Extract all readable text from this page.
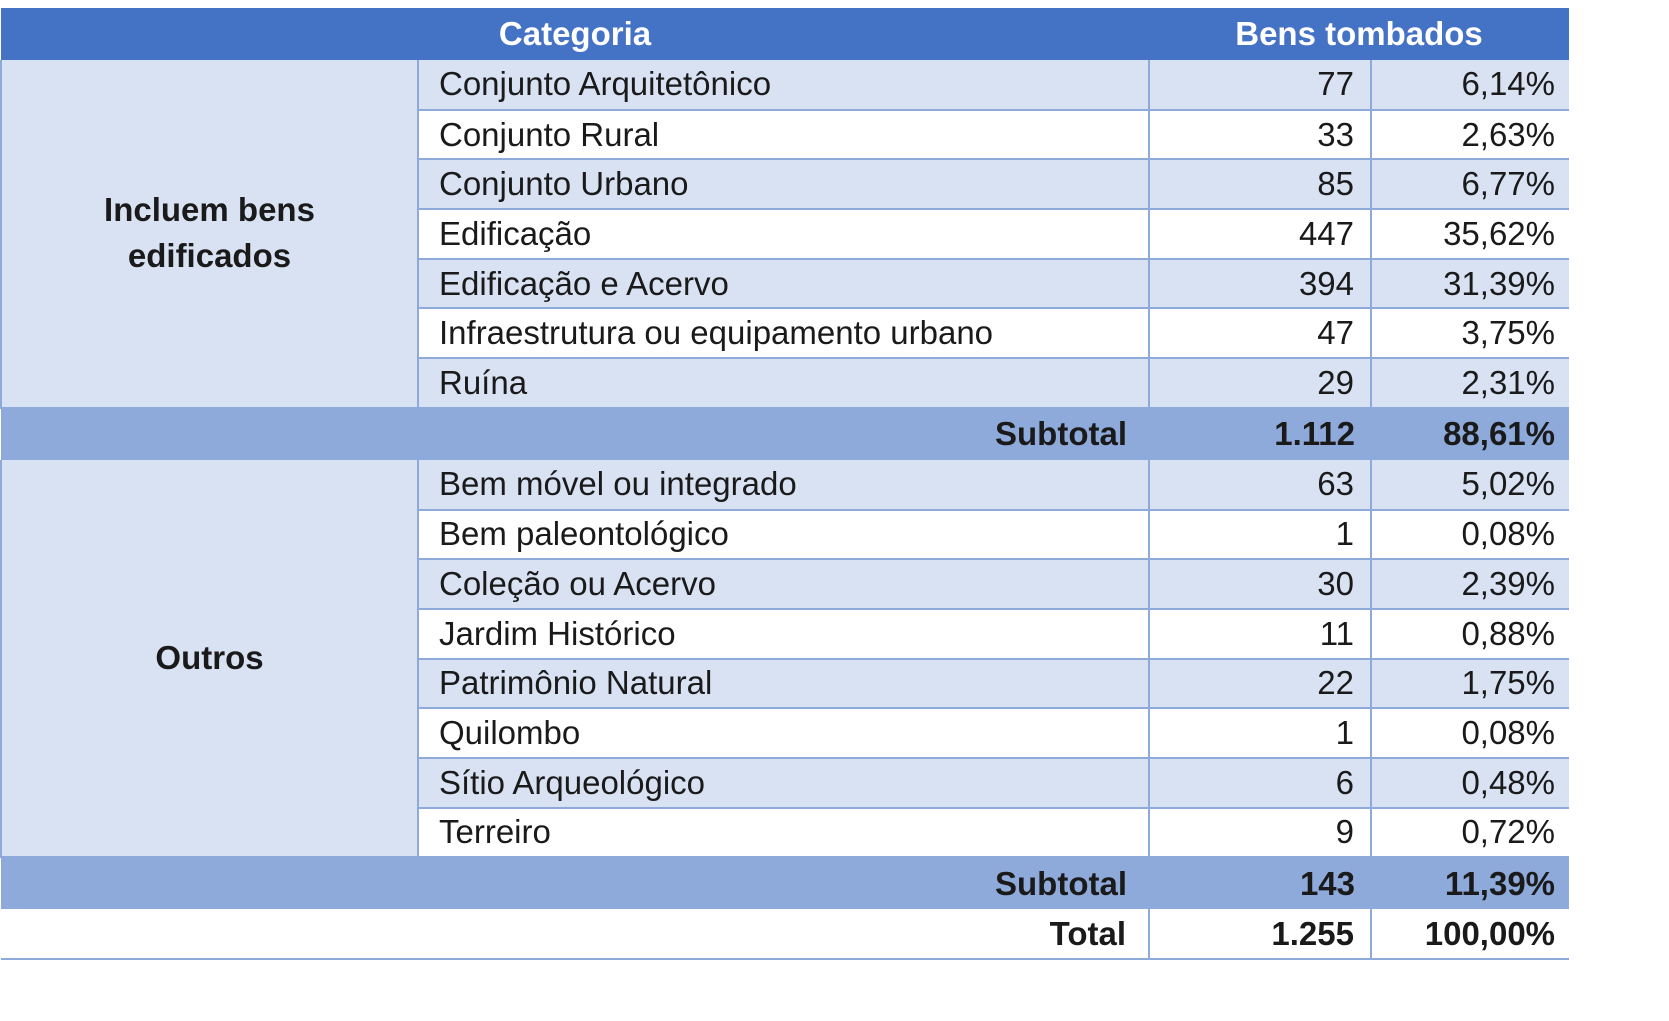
Categoria		Bens tombados	
Incluem bens edificados	Conjunto Arquitetônico	77	6,14%
	Conjunto Rural	33	2,63%
	Conjunto Urbano	85	6,77%
	Edificação	447	35,62%
	Edificação e Acervo	394	31,39%
	Infraestrutura ou equipamento urbano	47	3,75%
	Ruína	29	2,31%
Subtotal		1.112	88,61%
Outros	Bem móvel ou integrado	63	5,02%
	Bem paleontológico	1	0,08%
	Coleção ou Acervo	30	2,39%
	Jardim Histórico	11	0,88%
	Patrimônio Natural	22	1,75%
	Quilombo	1	0,08%
	Sítio Arqueológico	6	0,48%
	Terreiro	9	0,72%
Subtotal		143	11,39%
Total		1.255	100,00%
